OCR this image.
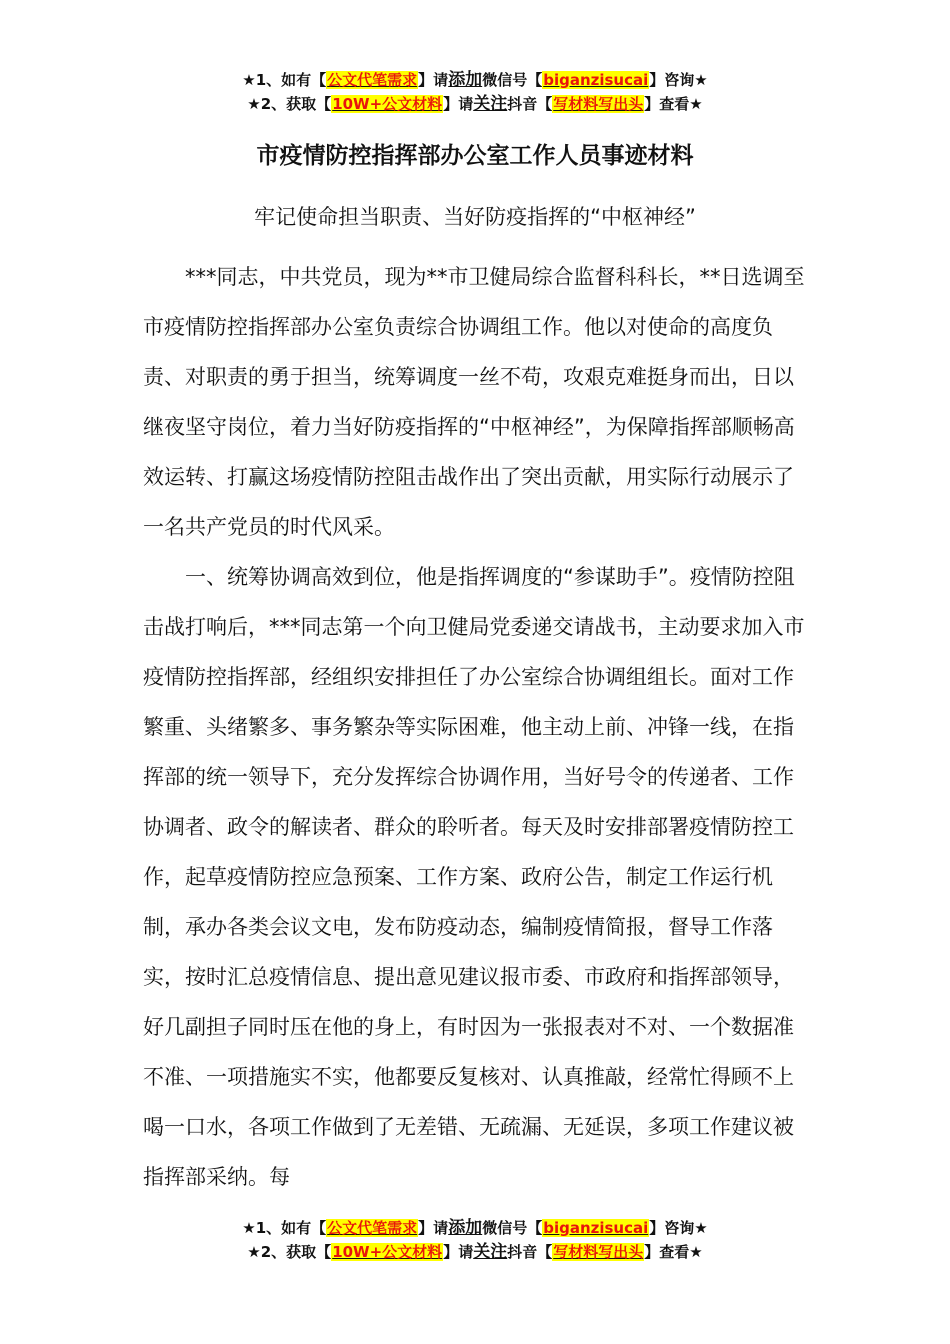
★1、如有【公文代笔需求】请添加微信号【biganzisucai】咨询★
★2、获取【10W+公文材料】请关注抖音【写材料写出头】查看★
市疫情防控指挥部办公室工作人员事迹材料
牢记使命担当职责、当好防疫指挥的“中枢神经”

***同志，中共党员，现为**市卫健局综合监督科科长，**日选调至市疫情防控指挥部办公室负责综合协调组工作。他以对使命的高度负责、对职责的勇于担当，统筹调度一丝不苟，攻艰克难挺身而出，日以继夜坚守岗位，着力当好防疫指挥的“中枢神经”，为保障指挥部顺畅高效运转、打赢这场疫情防控阻击战作出了突出贡献，用实际行动展示了一名共产党员的时代风采。

一、统筹协调高效到位，他是指挥调度的“参谋助手”。疫情防控阻击战打响后，***同志第一个向卫健局党委递交请战书，主动要求加入市疫情防控指挥部，经组织安排担任了办公室综合协调组组长。面对工作繁重、头绪繁多、事务繁杂等实际困难，他主动上前、冲锋一线，在指挥部的统一领导下，充分发挥综合协调作用，当好号令的传递者、工作协调者、政令的解读者、群众的聆听者。每天及时安排部署疫情防控工作，起草疫情防控应急预案、工作方案、政府公告，制定工作运行机制，承办各类会议文电，发布防疫动态，编制疫情简报，督导工作落实，按时汇总疫情信息、提出意见建议报市委、市政府和指挥部领导，好几副担子同时压在他的身上，有时因为一张报表对不对、一个数据准不准、一项措施实不实，他都要反复核对、认真推敲，经常忙得顾不上喝一口水，各项工作做到了无差错、无疏漏、无延误，多项工作建议被指挥部采纳。每

★1、如有【公文代笔需求】请添加微信号【biganzisucai】咨询★
★2、获取【10W+公文材料】请关注抖音【写材料写出头】查看★
